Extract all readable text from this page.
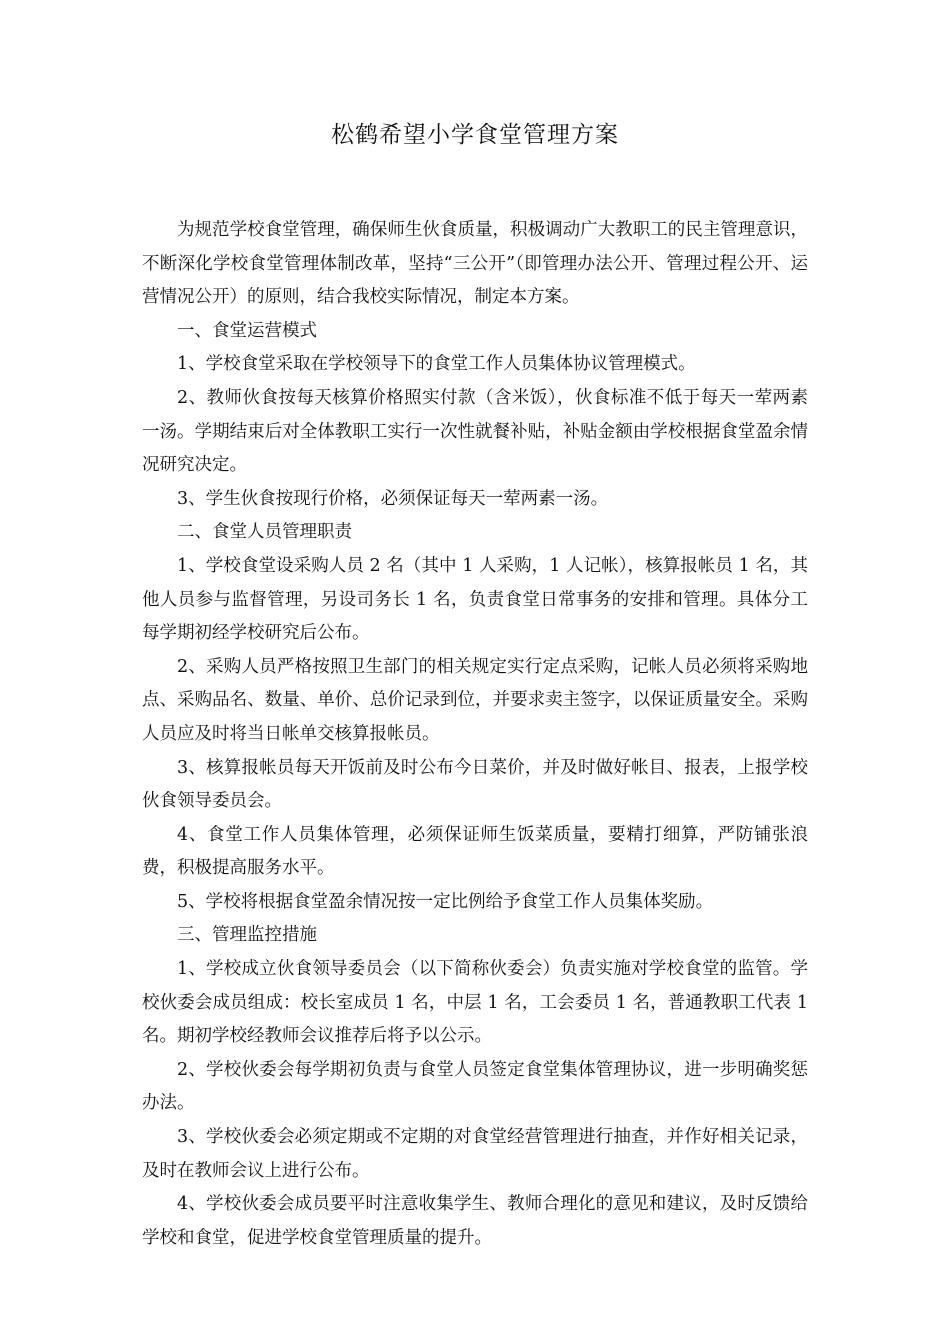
松鹤希望小学食堂管理方案

为规范学校食堂管理，确保师生伙食质量，积极调动广大教职工的民主管理意识，不断深化学校食堂管理体制改革，坚持“三公开”（即管理办法公开、管理过程公开、运营情况公开）的原则，结合我校实际情况，制定本方案。

一、食堂运营模式

1、学校食堂采取在学校领导下的食堂工作人员集体协议管理模式。

2、教师伙食按每天核算价格照实付款（含米饭），伙食标准不低于每天一荤两素一汤。学期结束后对全体教职工实行一次性就餐补贴，补贴金额由学校根据食堂盈余情况研究决定。

3、学生伙食按现行价格，必须保证每天一荤两素一汤。

二、食堂人员管理职责

1、学校食堂设采购人员 2 名（其中 1 人采购，1 人记帐），核算报帐员 1 名，其他人员参与监督管理，另设司务长 1 名，负责食堂日常事务的安排和管理。具体分工每学期初经学校研究后公布。

2、采购人员严格按照卫生部门的相关规定实行定点采购，记帐人员必须将采购地点、采购品名、数量、单价、总价记录到位，并要求卖主签字，以保证质量安全。采购人员应及时将当日帐单交核算报帐员。

3、核算报帐员每天开饭前及时公布今日菜价，并及时做好帐目、报表，上报学校伙食领导委员会。

4、食堂工作人员集体管理，必须保证师生饭菜质量，要精打细算，严防铺张浪费，积极提高服务水平。

5、学校将根据食堂盈余情况按一定比例给予食堂工作人员集体奖励。

三、管理监控措施

1、学校成立伙食领导委员会（以下简称伙委会）负责实施对学校食堂的监管。学校伙委会成员组成：校长室成员 1 名，中层 1 名，工会委员 1 名，普通教职工代表 1 名。期初学校经教师会议推荐后将予以公示。

2、学校伙委会每学期初负责与食堂人员签定食堂集体管理协议，进一步明确奖惩办法。

3、学校伙委会必须定期或不定期的对食堂经营管理进行抽查，并作好相关记录，及时在教师会议上进行公布。

4、学校伙委会成员要平时注意收集学生、教师合理化的意见和建议，及时反馈给学校和食堂，促进学校食堂管理质量的提升。
